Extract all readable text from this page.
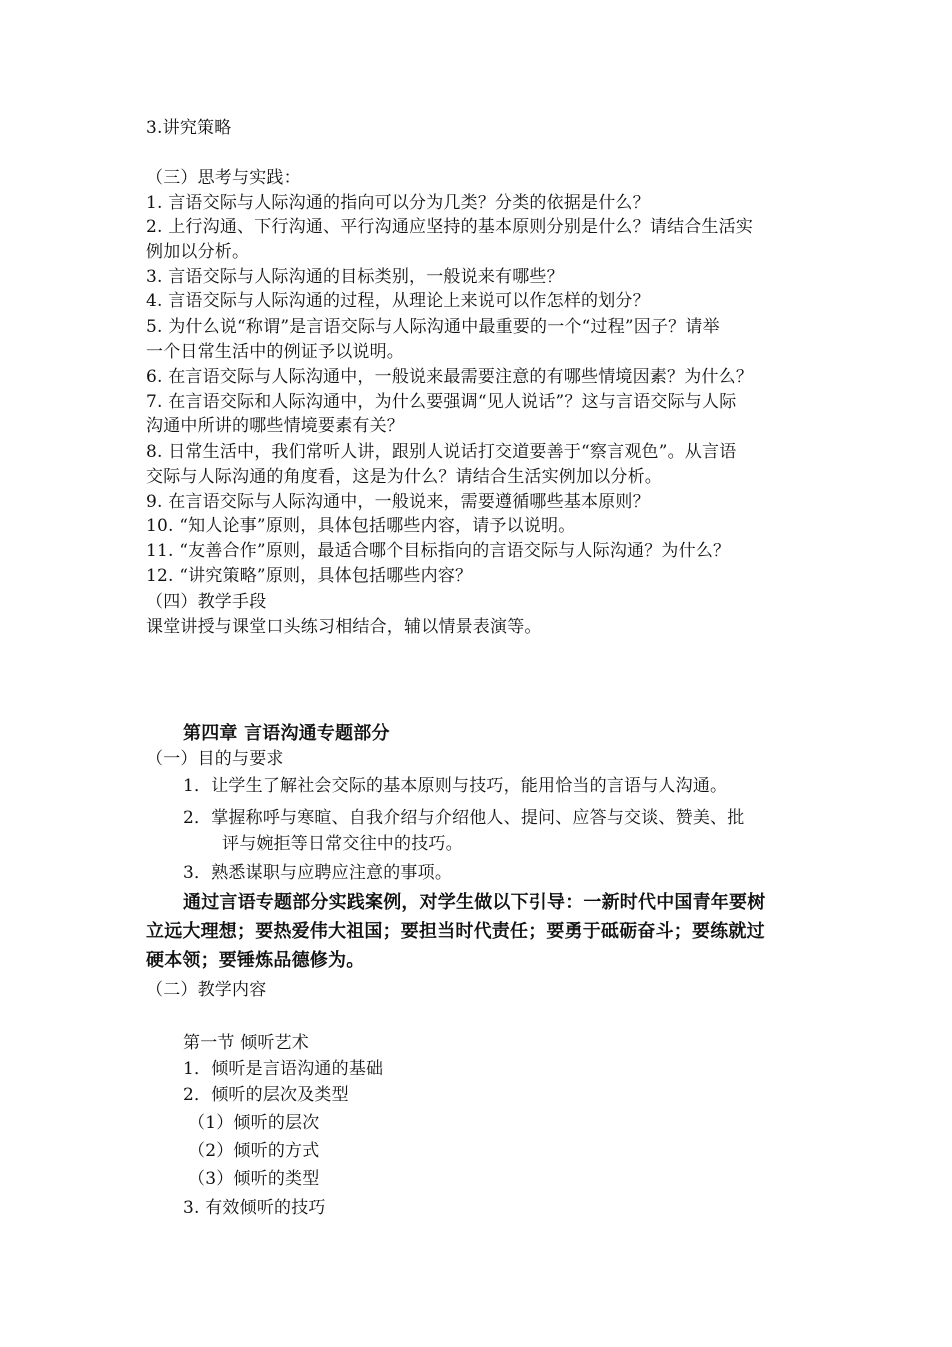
3.讲究策略
（三）思考与实践：
1. 言语交际与人际沟通的指向可以分为几类？分类的依据是什么？
2. 上行沟通、下行沟通、平行沟通应坚持的基本原则分别是什么？请结合生活实
例加以分析。
3. 言语交际与人际沟通的目标类别，一般说来有哪些？
4. 言语交际与人际沟通的过程，从理论上来说可以作怎样的划分？
5. 为什么说“称谓”是言语交际与人际沟通中最重要的一个“过程”因子？请举
一个日常生活中的例证予以说明。
6. 在言语交际与人际沟通中，一般说来最需要注意的有哪些情境因素？为什么？
7. 在言语交际和人际沟通中，为什么要强调“见人说话”？这与言语交际与人际
沟通中所讲的哪些情境要素有关？
8. 日常生活中，我们常听人讲，跟别人说话打交道要善于“察言观色”。从言语
交际与人际沟通的角度看，这是为什么？请结合生活实例加以分析。
9. 在言语交际与人际沟通中，一般说来，需要遵循哪些基本原则？
10. “知人论事”原则，具体包括哪些内容，请予以说明。
11. “友善合作”原则，最适合哪个目标指向的言语交际与人际沟通？为什么？
12. “讲究策略”原则，具体包括哪些内容？
（四）教学手段
课堂讲授与课堂口头练习相结合，辅以情景表演等。
第四章 言语沟通专题部分
（一）目的与要求
1．让学生了解社会交际的基本原则与技巧，能用恰当的言语与人沟通。
2．掌握称呼与寒暄、自我介绍与介绍他人、提问、应答与交谈、赞美、批
评与婉拒等日常交往中的技巧。
3．熟悉谋职与应聘应注意的事项。
通过言语专题部分实践案例，对学生做以下引导：一新时代中国青年要树
立远大理想；要热爱伟大祖国；要担当时代责任；要勇于砥砺奋斗；要练就过
硬本领；要锤炼品德修为。
（二）教学内容
第一节 倾听艺术
1．倾听是言语沟通的基础
2．倾听的层次及类型
（1）倾听的层次
（2）倾听的方式
（3）倾听的类型
3. 有效倾听的技巧
